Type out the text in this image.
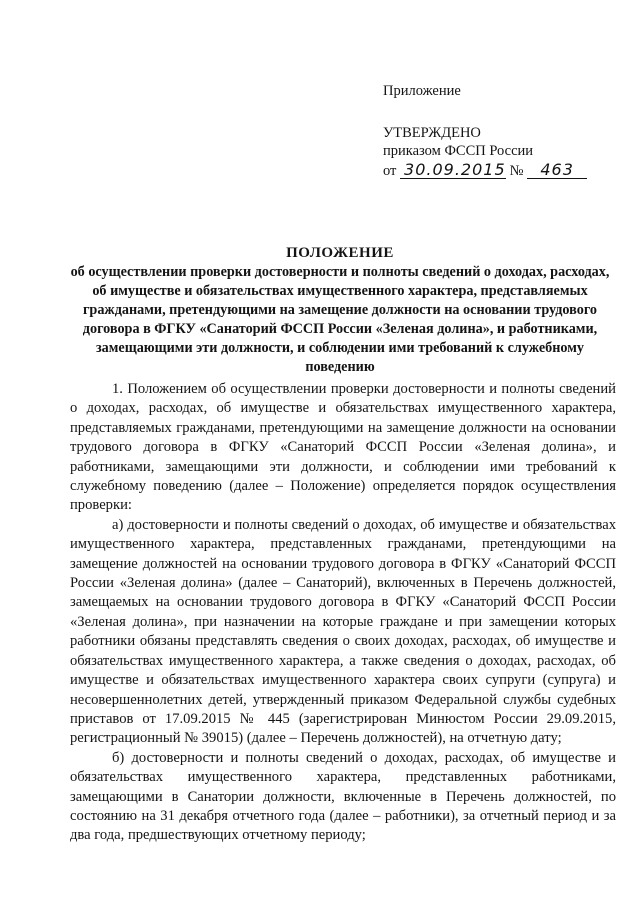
Приложение

УТВЕРЖДЕНО

приказом ФССП России

от 30.09.2015 № 463

ПОЛОЖЕНИЕ

об осуществлении проверки достоверности и полноты сведений о доходах, расходах, об имуществе и обязательствах имущественного характера, представляемых гражданами, претендующими на замещение должности на основании трудового договора в ФГКУ «Санаторий ФССП России «Зеленая долина», и работниками, замещающими эти должности, и соблюдении ими требований к служебному поведению

1. Положением об осуществлении проверки достоверности и полноты сведений о доходах, расходах, об имуществе и обязательствах имущественного характера, представляемых гражданами, претендующими на замещение должности на основании трудового договора в ФГКУ «Санаторий ФССП России «Зеленая долина», и работниками, замещающими эти должности, и соблюдении ими требований к служебному поведению (далее – Положение) определяется порядок осуществления проверки:

а) достоверности и полноты сведений о доходах, об имуществе и обязательствах имущественного характера, представленных гражданами, претендующими на замещение должностей на основании трудового договора в ФГКУ «Санаторий ФССП России «Зеленая долина» (далее – Санаторий), включенных в Перечень должностей, замещаемых на основании трудового договора в ФГКУ «Санаторий ФССП России «Зеленая долина», при назначении на которые граждане и при замещении которых работники обязаны представлять сведения о своих доходах, расходах, об имуществе и обязательствах имущественного характера, а также сведения о доходах, расходах, об имуществе и обязательствах имущественного характера своих супруги (супруга) и несовершеннолетних детей, утвержденный приказом Федеральной службы судебных приставов от 17.09.2015 № 445 (зарегистрирован Минюстом России 29.09.2015, регистрационный № 39015) (далее – Перечень должностей), на отчетную дату;

б) достоверности и полноты сведений о доходах, расходах, об имуществе и обязательствах имущественного характера, представленных работниками, замещающими в Санатории должности, включенные в Перечень должностей, по состоянию на 31 декабря отчетного года (далее – работники), за отчетный период и за два года, предшествующих отчетному периоду;
